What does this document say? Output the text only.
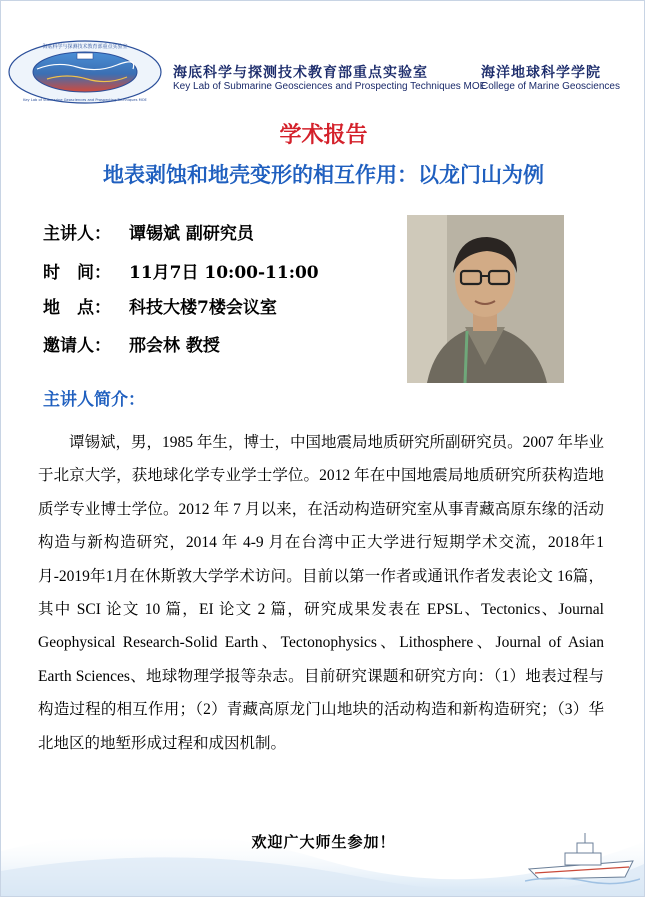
海底科学与探测技术教育部重点实验室
Key Lab of Submarine Geosciences and Prospecting Techniques MOE
海底科学与探测技术教育部重点实验室
Key Lab of Submarine Geosciences and Prospecting Techniques MOE
海洋地球科学学院
College of Marine Geosciences
学术报告
地表剥蚀和地壳变形的相互作用：以龙门山为例
主讲人： 谭锡斌 副研究员
时　间： 11月7日 10:00-11:00
地　点： 科技大楼7楼会议室
邀请人： 邢会林 教授
主讲人简介：

谭锡斌，男，1985 年生，博士，中国地震局地质研究所副研究员。2007 年毕业于北京大学，获地球化学专业学士学位。2012 年在中国地震局地质研究所获构造地质学专业博士学位。2012 年 7 月以来，在活动构造研究室从事青藏高原东缘的活动构造与新构造研究，2014 年 4-9 月在台湾中正大学进行短期学术交流，2018年1月-2019年1月在休斯敦大学学术访问。目前以第一作者或通讯作者发表论文 16篇，其中 SCI 论文 10 篇，EI 论文 2 篇，研究成果发表在 EPSL、Tectonics、Journal Geophysical Research-Solid Earth、Tectonophysics、Lithosphere、Journal of Asian Earth Sciences、地球物理学报等杂志。目前研究课题和研究方向：（1）地表过程与构造过程的相互作用；（2）青藏高原龙门山地块的活动构造和新构造研究；（3）华北地区的地堑形成过程和成因机制。

欢迎广大师生参加！
